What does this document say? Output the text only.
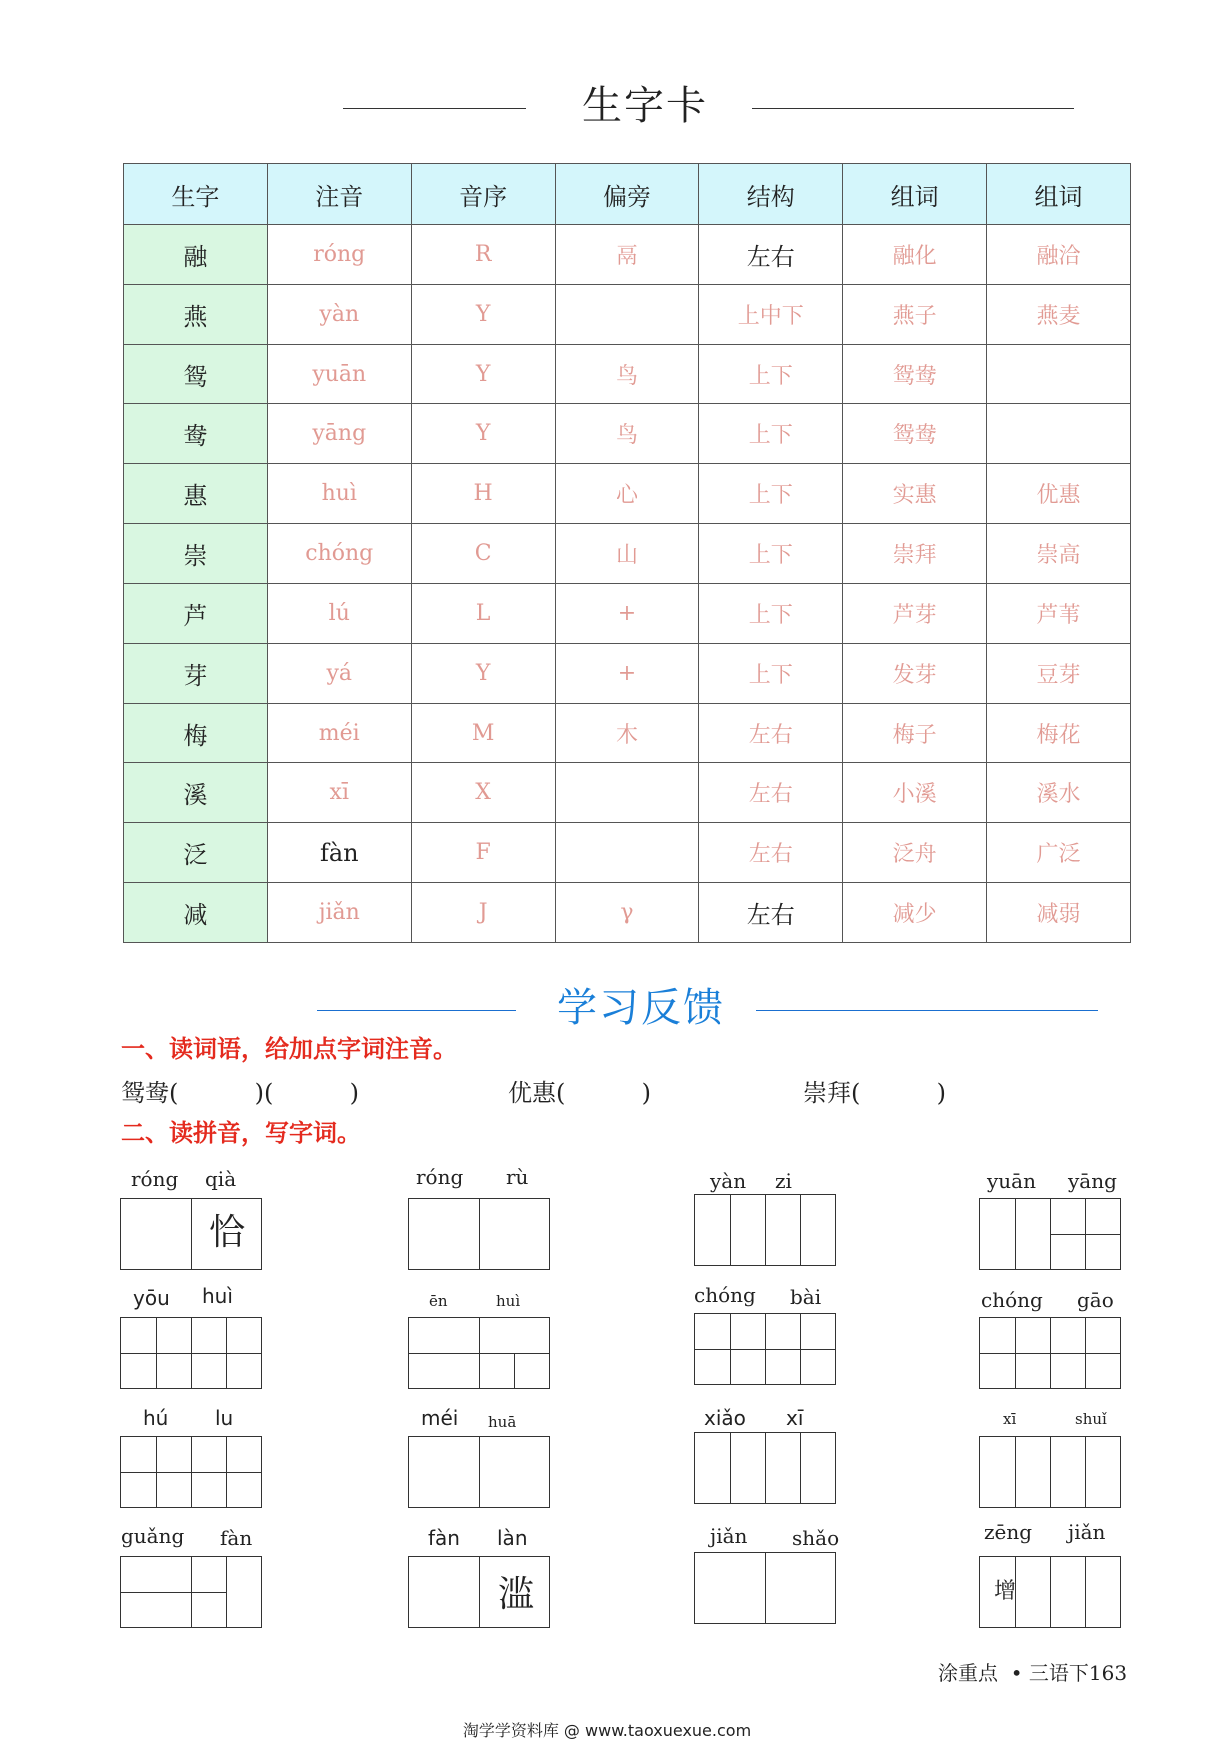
生字卡
生字	注音	音序	偏旁	结构	组词	组词
融	róng	R	鬲	左右	融化	融洽
燕	yàn	Y		上中下	燕子	燕麦
鸳	yuān	Y	鸟	上下	鸳鸯	
鸯	yāng	Y	鸟	上下	鸳鸯	
惠	huì	H	心	上下	实惠	优惠
崇	chóng	C	山	上下	崇拜	崇高
芦	lú	L	+	上下	芦芽	芦苇
芽	yá	Y	+	上下	发芽	豆芽
梅	méi	M	木	左右	梅子	梅花
溪	xī	X		左右	小溪	溪水
泛	fàn	F		左右	泛舟	广泛
减	jiǎn	J	γ	左右	减少	减弱
学习反馈
一、读词语，给加点字词注音。
鸳鸯(          )(          )	优惠(          )	崇拜(          )
二、读拼音，写字词。
róng qià
恰
róng rù	yàn zi	yuān yāng
yōu huì	ēn	huì	chóng bài	chóng gāo
hú lu	méi huā	xiǎo xī	xī	shuǐ
guǎng fàn	fàn làn
滥
jiǎn shǎo	zēng jiǎn
增
涂重点  • 三语下163
淘学学资料库 @ www.taoxuexue.com
